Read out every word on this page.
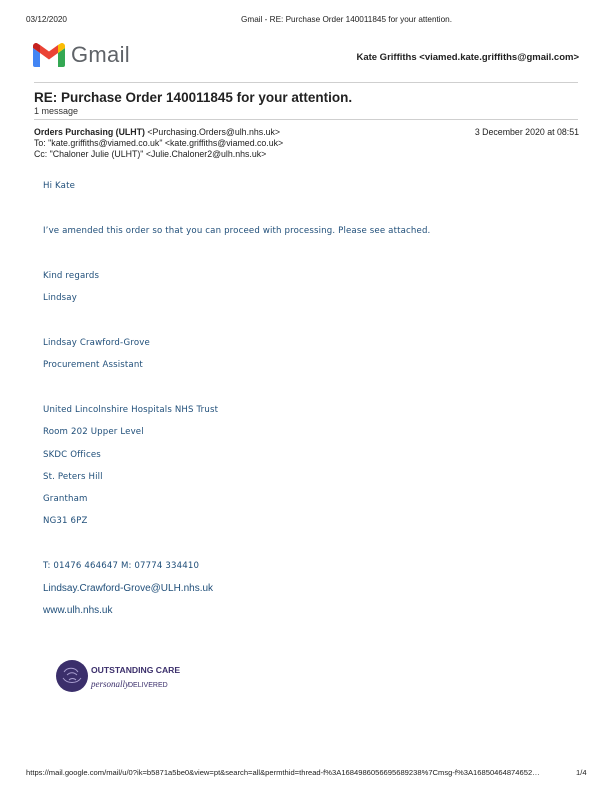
03/12/2020	Gmail - RE: Purchase Order 140011845 for your attention.
Gmail	Kate Griffiths <viamed.kate.griffiths@gmail.com>
RE: Purchase Order 140011845 for your attention.
1 message
Orders Purchasing (ULHT) <Purchasing.Orders@ulh.nhs.uk>	3 December 2020 at 08:51
To: "kate.griffiths@viamed.co.uk" <kate.griffiths@viamed.co.uk>
Cc: "Chaloner Julie (ULHT)" <Julie.Chaloner2@ulh.nhs.uk>
Hi Kate
I’ve amended this order so that you can proceed with processing. Please see attached.
Kind regards
Lindsay
Lindsay Crawford-Grove
Procurement Assistant
United Lincolnshire Hospitals NHS Trust
Room 202 Upper Level
SKDC Offices
St. Peters Hill
Grantham
NG31 6PZ
T: 01476 464647 M: 07774 334410
Lindsay.Crawford-Grove@ULH.nhs.uk
www.ulh.nhs.uk
OUTSTANDING CARE
personally DELIVERED
https://mail.google.com/mail/u/0?ik=b5871a5be0&view=pt&search=all&permthid=thread-f%3A1684986056695689238%7Cmsg-f%3A16850464874652…	1/4
